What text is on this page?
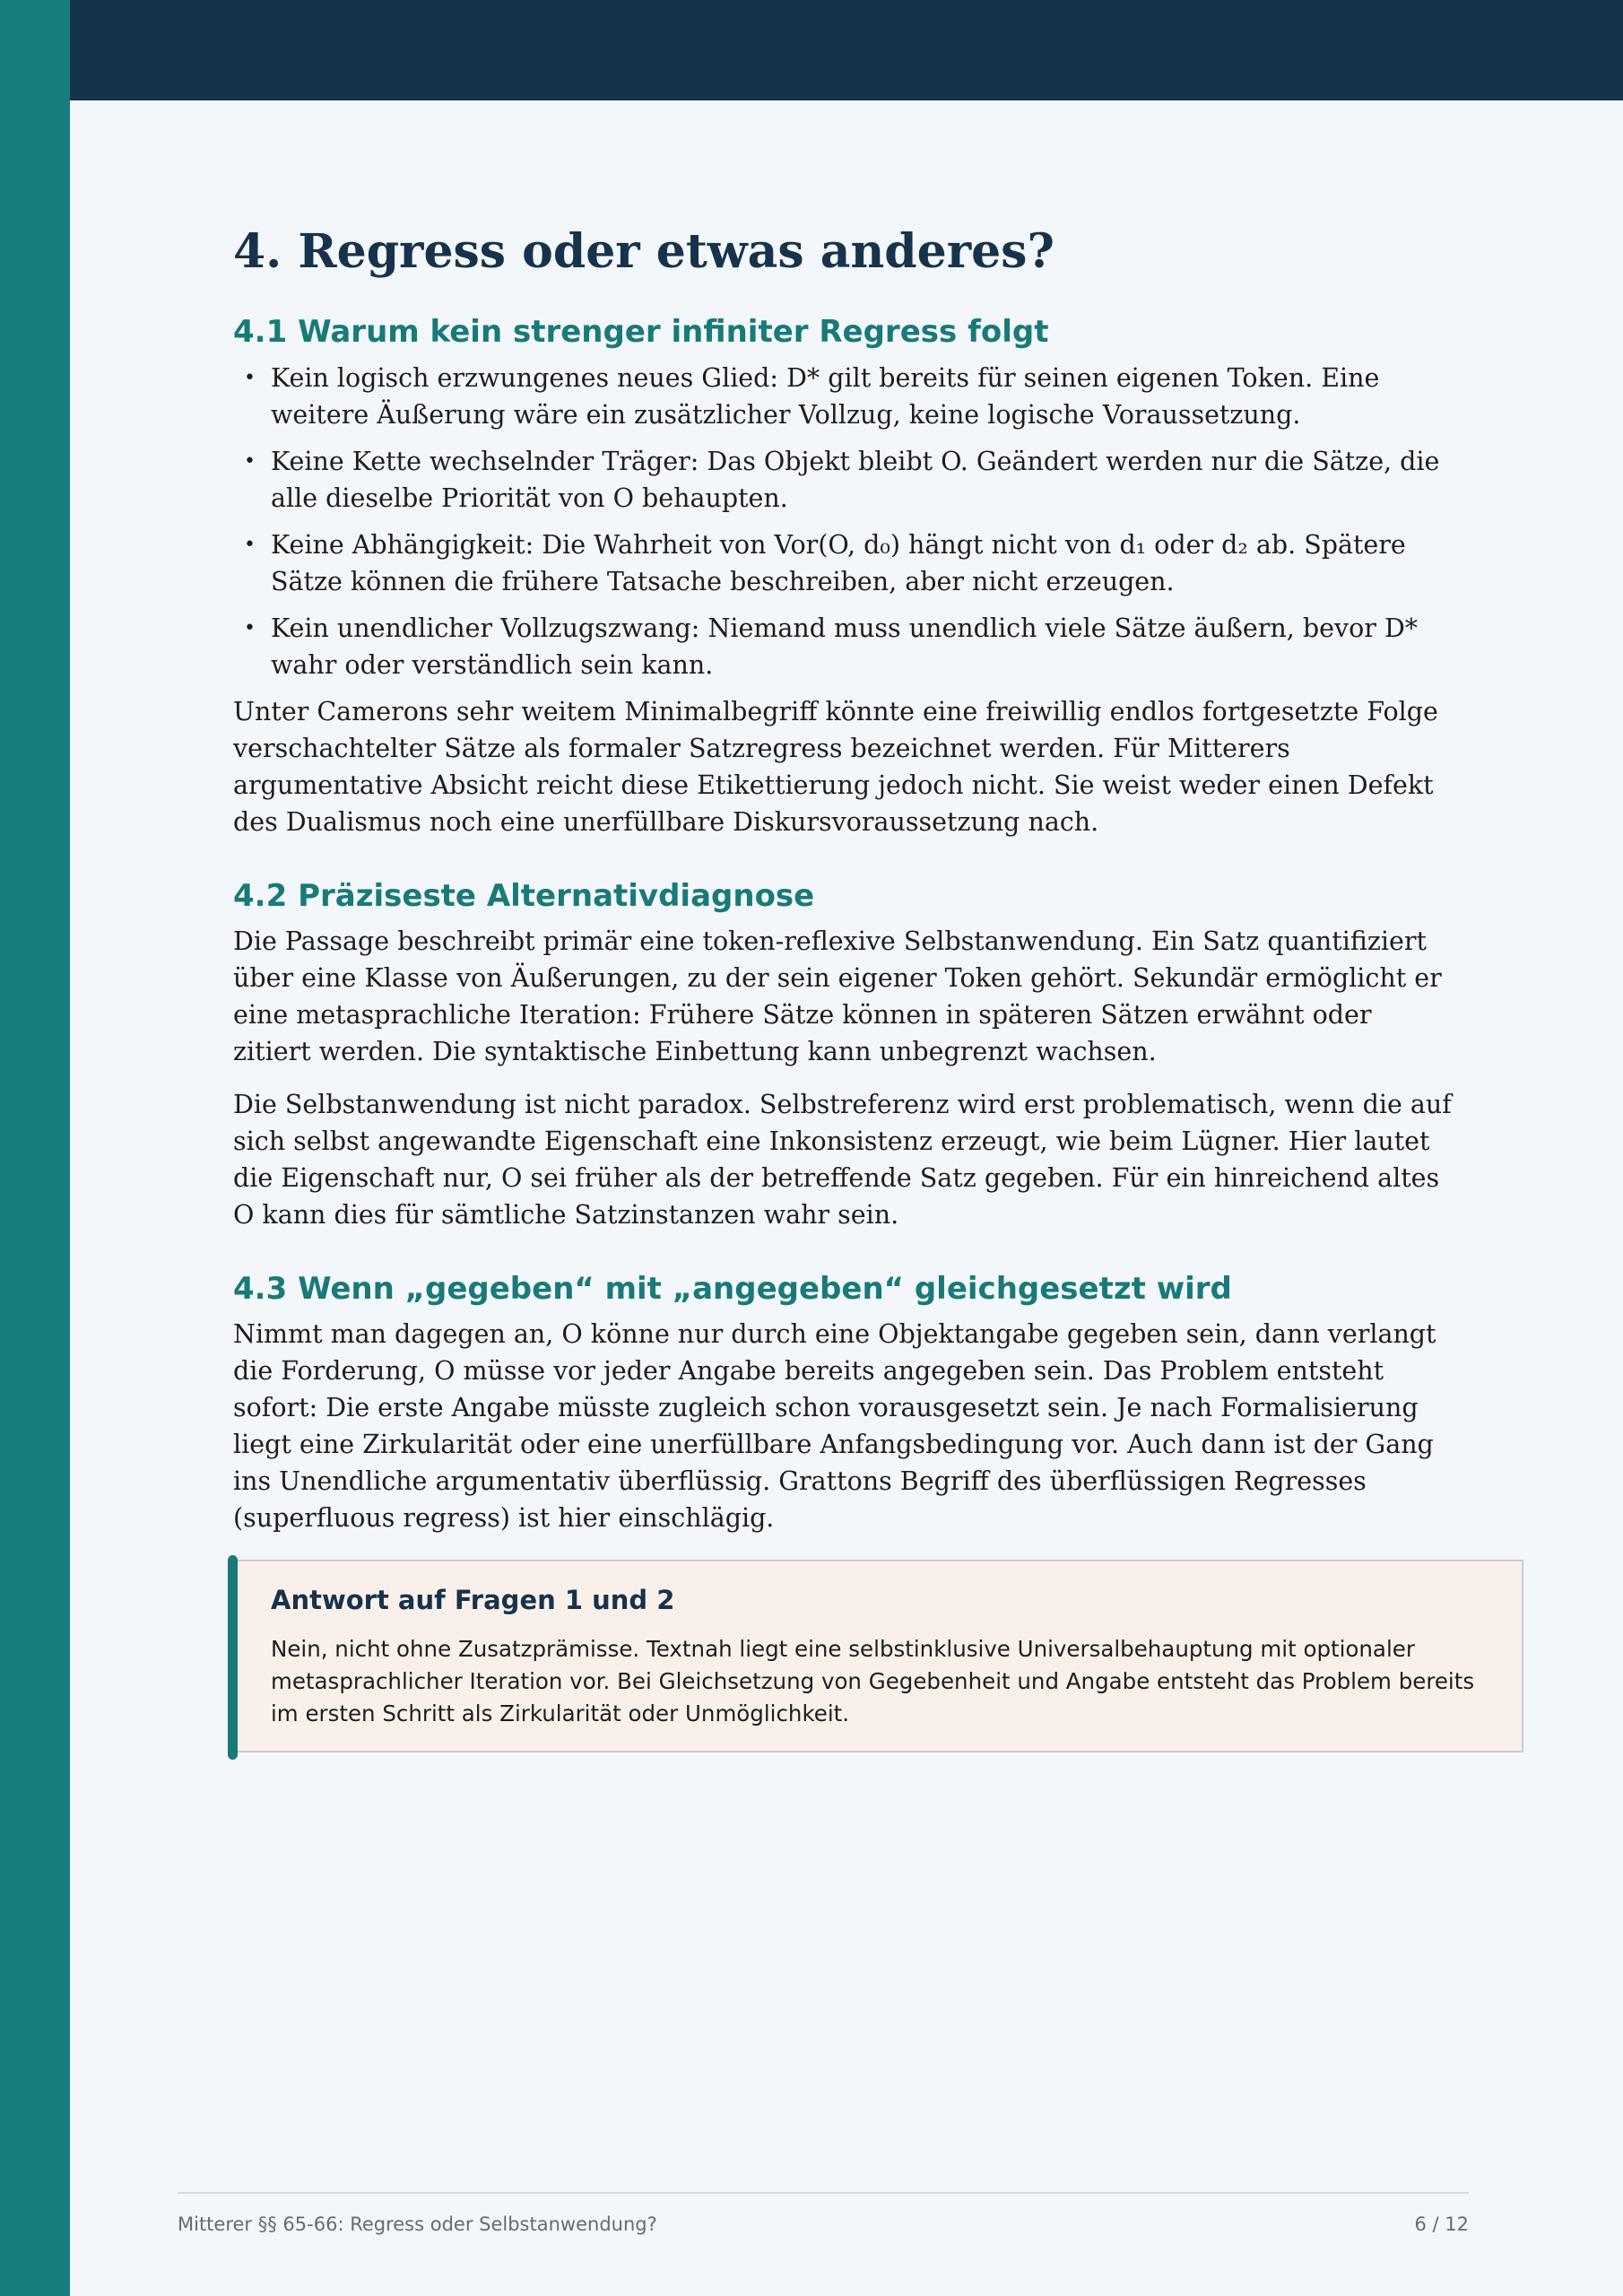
4. Regress oder etwas anderes?
4.1 Warum kein strenger infiniter Regress folgt
• Kein logisch erzwungenes neues Glied: D* gilt bereits für seinen eigenen Token. Eine weitere Äußerung wäre ein zusätzlicher Vollzug, keine logische Voraussetzung.
• Keine Kette wechselnder Träger: Das Objekt bleibt O. Geändert werden nur die Sätze, die alle dieselbe Priorität von O behaupten.
• Keine Abhängigkeit: Die Wahrheit von Vor(O, d₀) hängt nicht von d₁ oder d₂ ab. Spätere Sätze können die frühere Tatsache beschreiben, aber nicht erzeugen.
• Kein unendlicher Vollzugszwang: Niemand muss unendlich viele Sätze äußern, bevor D* wahr oder verständlich sein kann.

Unter Camerons sehr weitem Minimalbegriff könnte eine freiwillig endlos fortgesetzte Folge verschachtelter Sätze als formaler Satzregress bezeichnet werden. Für Mitterers argumentative Absicht reicht diese Etikettierung jedoch nicht. Sie weist weder einen Defekt des Dualismus noch eine unerfüllbare Diskursvoraussetzung nach.

4.2 Präziseste Alternativdiagnose

Die Passage beschreibt primär eine token-reflexive Selbstanwendung. Ein Satz quantifiziert über eine Klasse von Äußerungen, zu der sein eigener Token gehört. Sekundär ermöglicht er eine metasprachliche Iteration: Frühere Sätze können in späteren Sätzen erwähnt oder zitiert werden. Die syntaktische Einbettung kann unbegrenzt wachsen.

Die Selbstanwendung ist nicht paradox. Selbstreferenz wird erst problematisch, wenn die auf sich selbst angewandte Eigenschaft eine Inkonsistenz erzeugt, wie beim Lügner. Hier lautet die Eigenschaft nur, O sei früher als der betreffende Satz gegeben. Für ein hinreichend altes O kann dies für sämtliche Satzinstanzen wahr sein.

4.3 Wenn „gegeben“ mit „angegeben“ gleichgesetzt wird

Nimmt man dagegen an, O könne nur durch eine Objektangabe gegeben sein, dann verlangt die Forderung, O müsse vor jeder Angabe bereits angegeben sein. Das Problem entsteht sofort: Die erste Angabe müsste zugleich schon vorausgesetzt sein. Je nach Formalisierung liegt eine Zirkularität oder eine unerfüllbare Anfangsbedingung vor. Auch dann ist der Gang ins Unendliche argumentativ überflüssig. Grattons Begriff des überflüssigen Regresses (superfluous regress) ist hier einschlägig.

Antwort auf Fragen 1 und 2

Nein, nicht ohne Zusatzprämisse. Textnah liegt eine selbstinklusive Universalbehauptung mit optionaler metasprachlicher Iteration vor. Bei Gleichsetzung von Gegebenheit und Angabe entsteht das Problem bereits im ersten Schritt als Zirkularität oder Unmöglichkeit.

Mitterer §§ 65-66: Regress oder Selbstanwendung?	6 / 12
